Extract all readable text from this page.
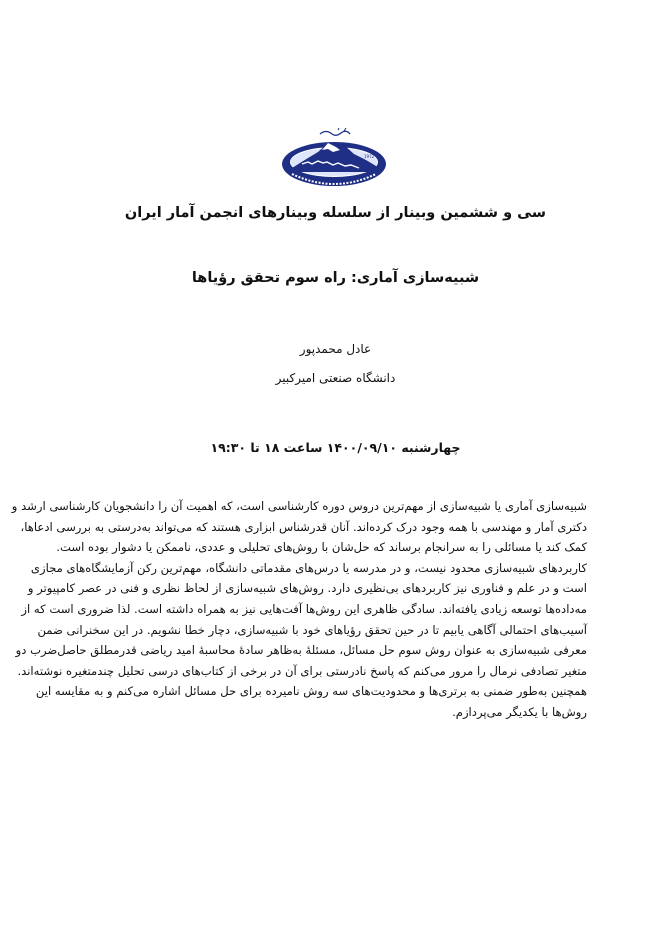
1972
سی و ششمین وبینار از سلسله وبینارهای انجمن آمار ایران
شبیه‌سازی آماری: راه سوم تحقق رؤیاها
عادل محمدپور
دانشگاه صنعتی امیرکبیر
چهارشنبه ۱۴۰۰/۰۹/۱۰ ساعت ۱۸ تا ۱۹:۳۰
شبیه‌سازی آماری یا شبیه‌سازی از مهم‌ترین دروس دوره کارشناسی است، که اهمیت آن را دانشجویان کارشناسی ارشد و
دکتری آمار و مهندسی با همه وجود درک کرده‌اند. آنان قدرشناس ابزاری هستند که می‌تواند به‌درستی به بررسی ادعاها،
کمک کند یا مسائلی را به سرانجام برساند که حل‌شان با روش‌های تحلیلی و عددی، ناممکن یا دشوار بوده است.
کاربردهای شبیه‌سازی محدود نیست، و در مدرسه یا درس‌های مقدماتی دانشگاه، مهم‌ترین رکن آزمایشگاه‌های مجازی
است و در علم و فناوری نیز کاربردهای بی‌نظیری دارد. روش‌های شبیه‌سازی از لحاظ نظری و فنی در عصر کامپیوتر و
مه‌داده‌ها توسعه زیادی یافته‌اند. سادگی ظاهری این روش‌ها آفت‌هایی نیز به همراه داشته است. لذا ضروری است که از
آسیب‌های احتمالی آگاهی یابیم تا در حین تحقق رؤیاهای خود با شبیه‌سازی، دچار خطا نشویم. در این سخنرانی ضمن
معرفی شبیه‌سازی به عنوان روش سوم حل مسائل، مسئلهٔ به‌ظاهر سادهٔ محاسبهٔ امید ریاضی قدرمطلق حاصل‌ضرب دو
متغیر تصادفی نرمال را مرور می‌کنم که پاسخ نادرستی برای آن در برخی از کتاب‌های درسی تحلیل چندمتغیره نوشته‌اند.
همچنین به‌طور ضمنی به برتری‌ها و محدودیت‌های سه روش نامیرده برای حل مسائل اشاره می‌کنم و به مقایسه این
روش‌ها با یکدیگر می‌پردازم.
